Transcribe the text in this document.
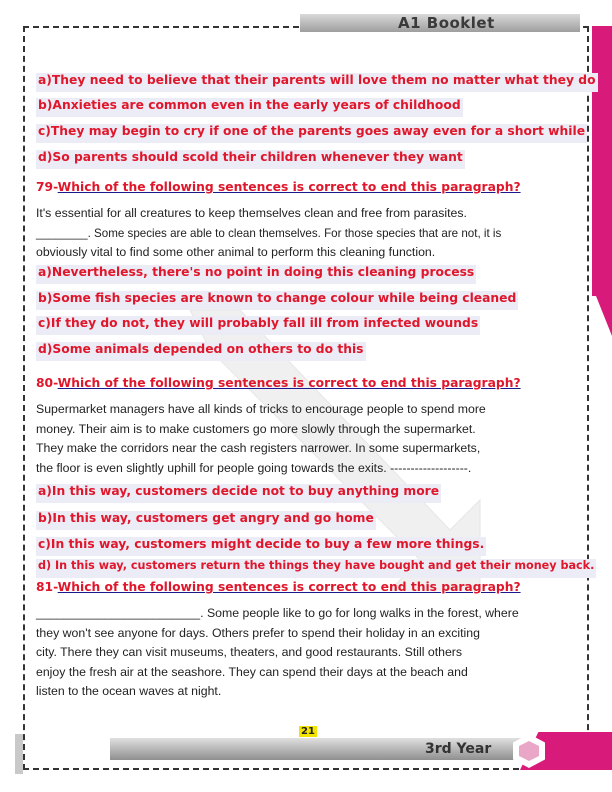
A1 Booklet
a)They need to believe that their parents will love them no matter what they do
b)Anxieties are common even in the early years of childhood
c)They may begin to cry if one of the parents goes away even for a short while
d)So parents should scold their children whenever they want
79-Which of the following sentences is correct to end this paragraph?
It's essential for all creatures to keep themselves clean and free from parasites.
________. Some species are able to clean themselves. For those species that are not, it is
obviously vital to find some other animal to perform this cleaning function.
a)Nevertheless, there's no point in doing this cleaning process
b)Some fish species are known to change colour while being cleaned
c)If they do not, they will probably fall ill from infected wounds
d)Some animals depended on others to do this
80-Which of the following sentences is correct to end this paragraph?
Supermarket managers have all kinds of tricks to encourage people to spend more
money. Their aim is to make customers go more slowly through the supermarket.
They make the corridors near the cash registers narrower. In some supermarkets,
the floor is even slightly uphill for people going towards the exits. -------------------.
a)In this way, customers decide not to buy anything more
b)In this way, customers get angry and go home
c)In this way, customers might decide to buy a few more things.
d) In this way, customers return the things they have bought and get their money back.
81-Which of the following sentences is correct to end this paragraph?
________________________. Some people like to go for long walks in the forest, where
they won't see anyone for days. Others prefer to spend their holiday in an exciting
city. There they can visit museums, theaters, and good restaurants. Still others
enjoy the fresh air at the seashore. They can spend their days at the beach and
listen to the ocean waves at night.
3rd Year
21
